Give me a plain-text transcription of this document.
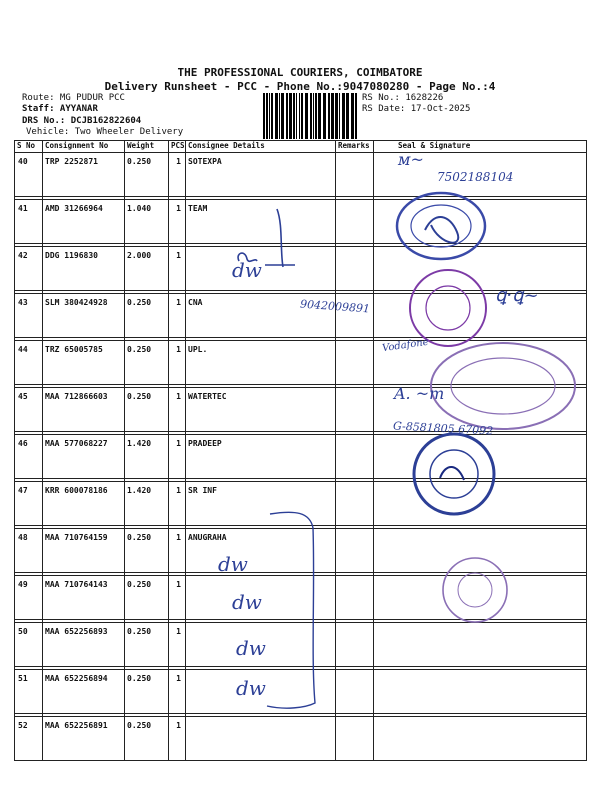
THE PROFESSIONAL COURIERS, COIMBATORE
Delivery Runsheet - PCC - Phone No.:9047080280 - Page No.:4
Route: MG PUDUR PCC
Staff: AYYANAR
DRS No.: DCJB162822604
Vehicle: Two Wheeler Delivery
RS No.: 1628226
RS Date: 17-Oct-2025
S No	Consignment No	Weight	PCS	Consignee Details	Remarks	Seal & Signature
40	TRP 2252871	0.250	1	SOTEXPA		

41	AMD 31266964	1.040	1	TEAM		

42	DDG 1196830	2.000	1			

43	SLM 380424928	0.250	1	CNA		

44	TRZ 65005785	0.250	1	UPL.		

45	MAA 712866603	0.250	1	WATERTEC		

46	MAA 577068227	1.420	1	PRADEEP		

47	KRR 600078186	1.420	1	SR INF		

48	MAA 710764159	0.250	1	ANUGRAHA		

49	MAA 710764143	0.250	1			

50	MAA 652256893	0.250	1			

51	MAA 652256894	0.250	1			

52	MAA 652256891	0.250	1			
ᴍ~
7502188104
9042009891
ꝗ·ꝗ~
Vodafone
A. ~m
G-8581805 67092
dw
dw
dw
dw
dw
